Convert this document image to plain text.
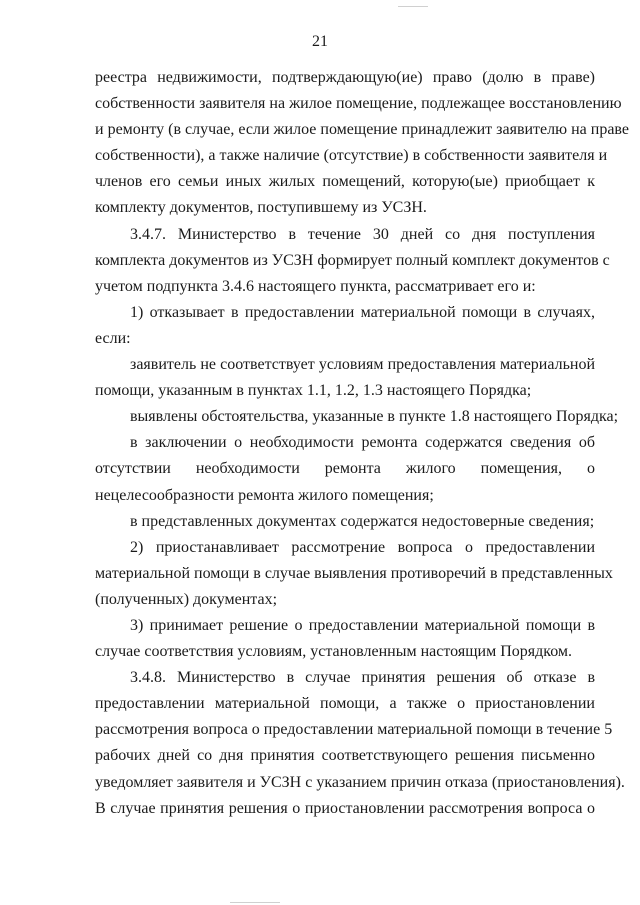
21
реестра недвижимости, подтверждающую(ие) право (долю в праве)
собственности заявителя на жилое помещение, подлежащее восстановлению
и ремонту (в случае, если жилое помещение принадлежит заявителю на праве
собственности), а также наличие (отсутствие) в собственности заявителя и
членов его семьи иных жилых помещений, которую(ые) приобщает к
комплекту документов, поступившему из УСЗН.
3.4.7. Министерство в течение 30 дней со дня поступления
комплекта документов из УСЗН формирует полный комплект документов с
учетом подпункта 3.4.6 настоящего пункта, рассматривает его и:
1) отказывает в предоставлении материальной помощи в случаях,
если:
заявитель не соответствует условиям предоставления материальной
помощи, указанным в пунктах 1.1, 1.2, 1.3 настоящего Порядка;
выявлены обстоятельства, указанные в пункте 1.8 настоящего Порядка;
в заключении о необходимости ремонта содержатся сведения об
отсутствии необходимости ремонта жилого помещения, о
нецелесообразности ремонта жилого помещения;
в представленных документах содержатся недостоверные сведения;
2) приостанавливает рассмотрение вопроса о предоставлении
материальной помощи в случае выявления противоречий в представленных
(полученных) документах;
3) принимает решение о предоставлении материальной помощи в
случае соответствия условиям, установленным настоящим Порядком.
3.4.8. Министерство в случае принятия решения об отказе в
предоставлении материальной помощи, а также о приостановлении
рассмотрения вопроса о предоставлении материальной помощи в течение 5
рабочих дней со дня принятия соответствующего решения письменно
уведомляет заявителя и УСЗН с указанием причин отказа (приостановления).
В случае принятия решения о приостановлении рассмотрения вопроса о
